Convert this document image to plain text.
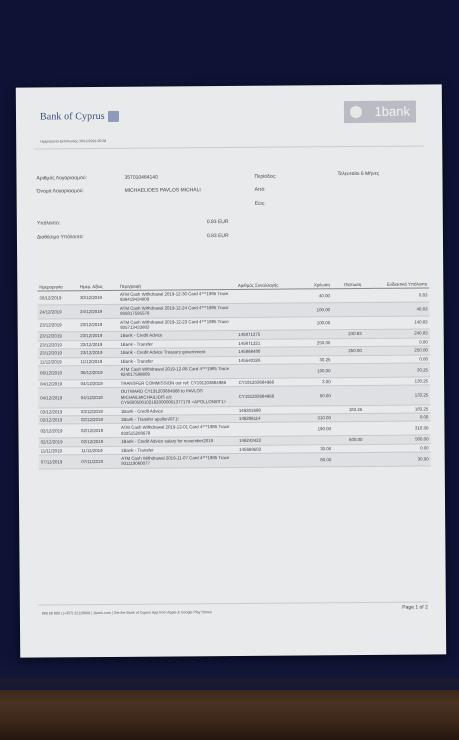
Bank of Cyprus	1bank
Ημερομηνία Εκτύπωσης 30/12/2019 20:58
Αριθμός Λογαριασμού:	357010464140
Όνομα Λογαριασμού:	MICHAELIDES PAVLOS MICHALI
Περίοδος:	Τελευταίοι 6 Μήνες
Από:
Εώς:
Υπόλοιπο:	0.83 EUR
Διαθέσιμο Υπόλοιπο:	0.83 EUR
Ημερομηνία	Ημερ. Αξίας	Περιγραφή	Αριθμός Συναλλαγής	Χρέωση	Πίστωση	Ενδεικτικό Υπόλοιπο
30/12/2019	30/12/2019	ATM Cash Withdrawal 2019-12-30 Card 4***1985 Trace 936419434809		40.00		0.83
24/12/2019	24/12/2019	ATM Cash Withdrawal 2019-12-24 Card 4***1985 Trace 935817595578		100.00		40.83
23/12/2019	23/12/2019	ATM Cash Withdrawal 2019-12-23 Card 4***1985 Trace 935713433803		100.00		140.83
23/12/2019	23/12/2019	1Bank - Credit Advice	145871375		240.83	240.83
23/12/2019	23/12/2019	1Bank - Transfer	145871221	250.00		0.00
23/12/2019	23/12/2019	1Bank - Credit Advice Treasury government	145868480		250.00	250.00
11/12/2019	11/12/2019	1Bank - Transfer	145540326	30.25		0.00
06/12/2019	06/12/2019	ATM Cash Withdrawal 2019-12-06 Card 4***1985 Trace 934017588809		100.00		30.25
04/12/2019	04/12/2019	TRANSFER COMMISSION our ref: CY191203684966	CY191203684966	3.00		130.25
04/12/2019	04/12/2019	OUTWARD CY191203684966 to PAVLOS MICHAILMICHAILIDIS a/c CY56005001021820000001377178 <APOLLON/0T1>	CY191203684966	50.00		133.25
03/12/2019	03/12/2019	1Bank - Credit Advice	146301668		183.25	183.25
02/12/2019	02/12/2019	1Bank - Transfer apollon/0T1!	146286114	310.00		0.00
02/12/2019	02/12/2019	ATM Cash Withdrawal 2019-12-01 Card 4***1985 Trace 933515280678		190.00		310.00
02/12/2019	02/12/2019	1Bank - Credit Advice salary for november2019	146243422		500.00	500.00
11/11/2019	11/11/2019	1Bank - Transfer	145669583	30.00		0.00
07/11/2019	07/11/2019	ATM Cash Withdrawal 2019-11-07 Card 4***1985 Trace 931119060077		80.00		30.00
800 00 800 | (+357) 22128000 | 1bank.com | Get the Bank of Cyprus App from Apple & Google Play Stores
Page 1 of 2
